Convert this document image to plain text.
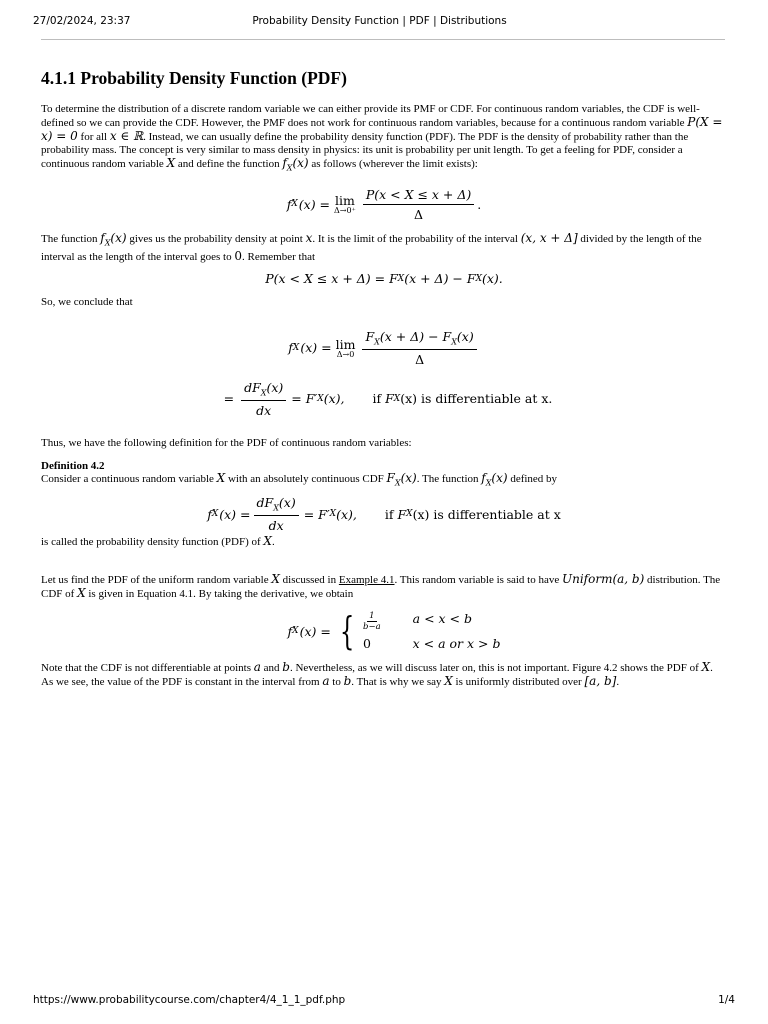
27/02/2024, 23:37	Probability Density Function | PDF | Distributions
4.1.1 Probability Density Function (PDF)

To determine the distribution of a discrete random variable we can either provide its PMF or CDF. For continuous random variables, the CDF is well-defined so we can provide the CDF. However, the PMF does not work for continuous random variables, because for a continuous random variable P(X = x) = 0 for all x ∈ ℝ. Instead, we can usually define the probability density function (PDF). The PDF is the density of probability rather than the probability mass. The concept is very similar to mass density in physics: its unit is probability per unit length. To get a feeling for PDF, consider a continuous random variable X and define the function $f_X(x)$ as follows (wherever the limit exists):

f X (x) = lim
$\Delta\to 0^+ \frac{P(x < X \le x + \Delta)}{\Delta}$ .

The function $f_X(x)$ gives us the probability density at point x. It is the limit of the probability of the interval (x, x + Δ] divided by the length of the interval as the length of the interval goes to 0. Remember that

P(x < X ≤ x + Δ) = F X (x + Δ) − F X (x).

So, we conclude that

f X (x) = lim
$\Delta\to 0 \frac{F_X(x + \Delta) - F_X(x)}{\Delta}$
= $\frac{dF_X(x)}{dx} = F'$ X (x), if
F X (x) is differentiable at x.

Thus, we have the following definition for the PDF of continuous random variables:

Definition 4.2

Consider a continuous random variable X with an absolutely continuous CDF $F_X(x)$. The function $f_X(x)$ defined by

f X $(x) = \frac{dF_X(x)}{dx} = F'$ X (x), if
F X (x) is differentiable at x

is called the probability density function (PDF) of X.

Let us find the PDF of the uniform random variable X discussed in Example 4.1. This random variable is said to have Uniform(a, b) distribution. The CDF of X is given in Equation 4.1. By taking the derivative, we obtain

f X (x) = { $\frac{1}{b-a}$	a < x < b
0	x < a or x > b

Note that the CDF is not differentiable at points a and b. Nevertheless, as we will discuss later on, this is not important. Figure 4.2 shows the PDF of X. As we see, the value of the PDF is constant in the interval from a to b. That is why we say X is uniformly distributed over [a, b].

https://www.probabilitycourse.com/chapter4/4_1_1_pdf.php	1/4
